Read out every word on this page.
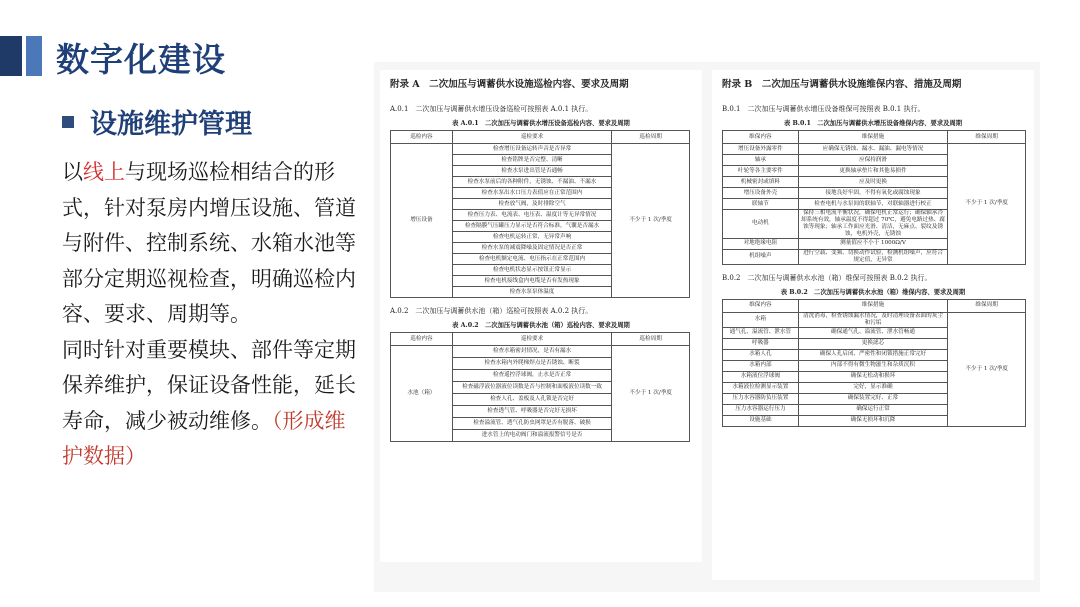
数字化建设
设施维护管理

以线上与现场巡检相结合的形式，针对泵房内增压设施、管道与附件、控制系统、水箱水池等部分定期巡视检查，明确巡检内容、要求、周期等。

同时针对重要模块、部件等定期保养维护，保证设备性能，延长寿命，减少被动维修。（形成维护数据）

附录 A　二次加压与调蓄供水设施巡检内容、要求及周期
A.0.1　二次加压与调蓄供水增压设备巡检可按照表 A.0.1 执行。
表 A.0.1　二次加压与调蓄供水增压设备巡检内容、要求及周期
巡检内容	巡检要求	巡检周期
增压设备	检查增压设备运转声音是否异常	不少于 1 次/季度
	检查铭牌是否完整、清晰	
	检查水泵进出管是否通畅	
	检查水泵前后的各种附件，无锈蚀、不漏油、不漏水	
	检查水泵出水口压力表值应在正常范围内	
	检查放气阀，及时排除空气	
	检查压力表、电流表、电压表、温度计等无异常情况	
	检查隔膜气压罐压力显示是否符合标准，气囊是否漏水	
	检查电机运转正常，无异常声响	
	检查水泵的减震降噪及固定情况是否正常	
	检查电机额定电流、电压指示在正常范围内	
	检查电机状态显示按钮正常显示	
	检查电机接线盒内电缆是否有发热现象	
	检查水泵泵体温度	
A.0.2　二次加压与调蓄供水池（箱）巡检可按照表 A.0.2 执行。
表 A.0.2　二次加压与调蓄供水池（箱）巡检内容、要求及周期
巡检内容	巡检要求	巡检周期
水池（箱）	检查水箱密封情况，是否有漏水	不少于 1 次/季度
	检查水箱内外爬梯焊点是否锈蚀、断裂	
	检查遥控浮球阀，止水是否正常	
	检查磁浮液位器液位读数是否与控制和面板液位读数一致	
	检查人孔、盖板及人孔锁是否完好	
	检查透气管、呼吸器是否完好无损坏	
	检查溢流管、透气孔防虫网罩是否有脱落、破损	
	进水管上的电动阀门和溢流报警信号是否	
附录 B　二次加压与调蓄供水设施维保内容、措施及周期
B.0.1　二次加压与调蓄供水增压设备维保可按照表 B.0.1 执行。
表 B.0.1　二次加压与调蓄供水增压设备维保内容、要求及周期
维保内容	维保措施	维保周期
增压设备外露零件	应确保无锈蚀、漏水、漏油、漏电等情况	不少于 1 次/季度
轴承	应保持润滑	
叶轮等各主要零件	更换轴承垫片和其他易损件	
机械密封或填料	应及时更换	
增压设备外壳	接地良好牢固，不得有氧化或腐蚀现象	
联轴节	检查电机与水泵间的联轴节，对联轴器进行校正	
电动机	保持三相电流平衡状况，确保电机正常运行；确保轴承冷却系统有效，轴承温度不得超过 70℃，避免电路过热、腐蚀等现象；轴承工作面应光滑、清洁，无麻点、裂纹及锈蚀，电机外壳，无锈蚀	
对地绝缘电阻	测量值应不小于 1000Ω/V	
机组噪声	进行空载、变频、切换动作试验，检测机组噪声，应符合规定值，无异常	
B.0.2　二次加压与调蓄供水水池（箱）维保可按照表 B.0.2 执行。
表 B.0.2　二次加压与调蓄供水水池（箱）维保内容、要求及周期
维保内容	维保措施	维保周期
水箱	清洗消毒，检查锈蚀漏水情况，及时清理设备表面的灰尘和污垢	不少于 1 次/季度
通气孔、溢流管、泄水管	确保通气孔、溢流管、泄水管畅通	
呼吸器	更换滤芯	
水箱人孔	确保人孔启闭、严密性和闭锁措施正常完好	
水箱内部	内部不得有微生物滋生和杂质沉积	
水箱液位浮球阀	确保无松动和损坏	
水箱液位检测显示装置	完好，显示准确	
压力水容器防负压装置	确保装置完好、正常	
压力水容器运行压力	确保运行正常	
设施基础	确保无损坏和沉降	
